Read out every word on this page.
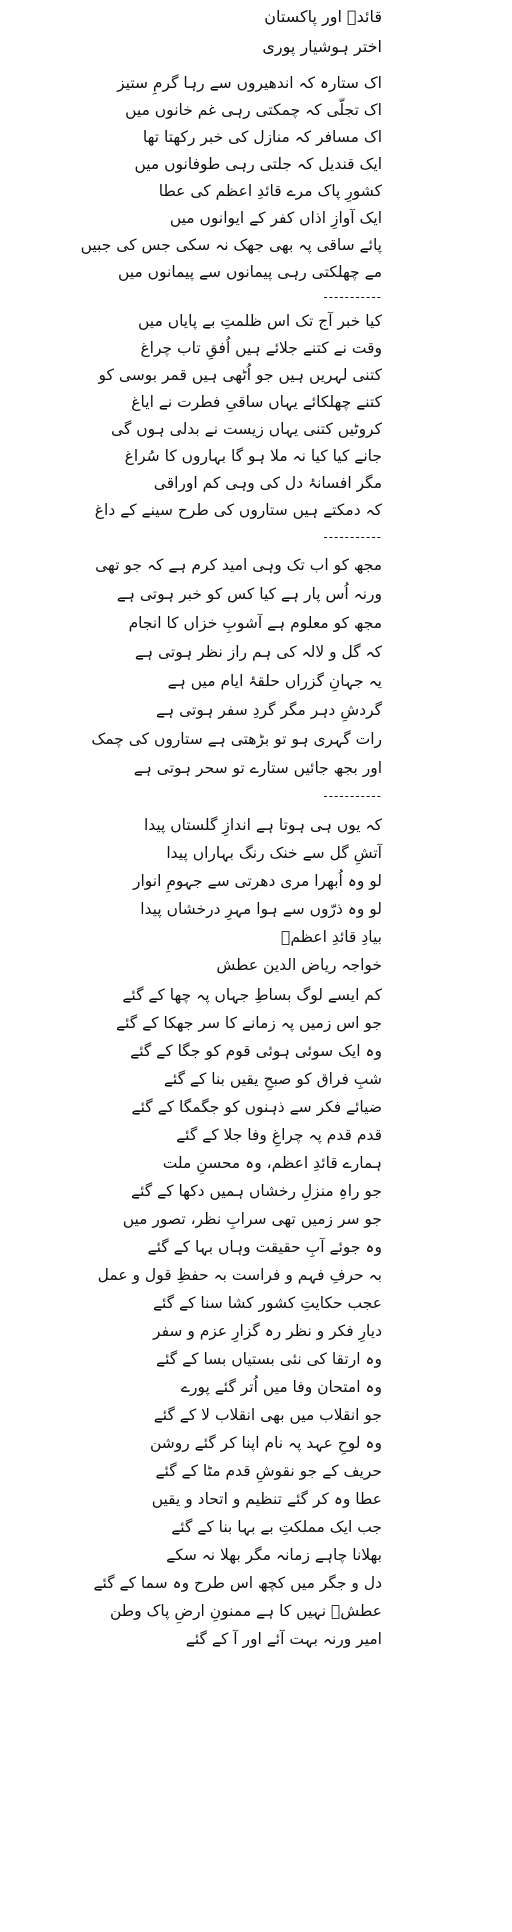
قائدؒ اور پاکستان
اختر ہوشیار پوری
اک ستارہ کہ اندھیروں سے رہا گرمِ ستیز
اک تجلّی کہ چمکتی رہی غم خانوں میں
اک مسافر کہ منازل کی خبر رکھتا تھا
ایک قندیل کہ جلتی رہی طوفانوں میں
کشورِ پاک مرے قائدِ اعظم کی عطا
ایک آوازِ اذاں کفر کے ایوانوں میں
پائے ساقی پہ بھی جھک نہ سکی جس کی جبیں
مے چھلکتی رہی پیمانوں سے پیمانوں میں
-----------
کیا خبر آج تک اس ظلمتِ بے پایاں میں
وقت نے کتنے جلائے ہیں اُفقِ تاب چراغ
کتنی لہریں ہیں جو اُٹھی ہیں قمر بوسی کو
کتنے چھلکائے یہاں ساقیِ فطرت نے ایاغ
کروٹیں کتنی یہاں زیست نے بدلی ہوں گی
جانے کیا کیا نہ ملا ہو گا بہاروں کا سُراغ
مگر افسانۂ دل کی وہی کم اوراقی
کہ دمکتے ہیں ستاروں کی طرح سینے کے داغ
-----------
مجھ کو اب تک وہی امید کرم ہے کہ جو تھی
ورنہ اُس پار ہے کیا کس کو خبر ہوتی ہے
مجھ کو معلوم ہے آشوبِ خزاں کا انجام
کہ گل و لالہ کی ہم راز نظر ہوتی ہے
یہ جہانِ گزراں حلقۂ ایام میں ہے
گردشِ دہر مگر گردِ سفر ہوتی ہے
رات گہری ہو تو بڑھتی ہے ستاروں کی چمک
اور بجھ جائیں ستارے تو سحر ہوتی ہے
-----------
کہ یوں ہی ہوتا ہے اندازِ گلستاں پیدا
آتشِ گل سے خنک رنگ بہاراں پیدا
لو وہ اُبھرا مری دھرتی سے جہومِ انوار
لو وہ ذرّوں سے ہوا مہرِ درخشاں پیدا
بیادِ قائدِ اعظمؒ
خواجہ ریاض الدین عطش
کم ایسے لوگ بساطِ جہاں پہ چھا کے گئے
جو اس زمیں پہ زمانے کا سر جھکا کے گئے
وہ ایک سوئی ہوئی قوم کو جگا کے گئے
شبِ فراق کو صبحِ یقیں بنا کے گئے
ضیائے فکر سے ذہنوں کو جگمگا کے گئے
قدم قدم پہ چراغِ وفا جلا کے گئے
ہمارے قائدِ اعظم، وہ محسنِ ملت
جو راہِ منزلِ رخشاں ہمیں دکھا کے گئے
جو سر زمیں تھی سرابِ نظر، تصور میں
وہ جوئے آبِ حقیقت وہاں بہا کے گئے
بہ حرفِ فہم و فراست بہ حفظِ قول و عمل
عجب حکایتِ کشور کشا سنا کے گئے
دیارِ فکر و نظر رہ گزارِ عزم و سفر
وہ ارتقا کی نئی بستیاں بسا کے گئے
وہ امتحان وفا میں اُتر گئے پورے
جو انقلاب میں بھی انقلاب لا کے گئے
وہ لوحِ عہد پہ نام اپنا کر گئے روشن
حریف کے جو نقوشِ قدم مٹا کے گئے
عطا وہ کر گئے تنظیم و اتحاد و یقیں
جب ایک مملکتِ بے بہا بنا کے گئے
بھلانا چاہے زمانہ مگر بھلا نہ سکے
دل و جگر میں کچھ اس طرح وہ سما کے گئے
عطشؔ نہیں کا ہے ممنونِ ارضِ پاک وطن
امیر ورنہ بہت آئے اور آ کے گئے
